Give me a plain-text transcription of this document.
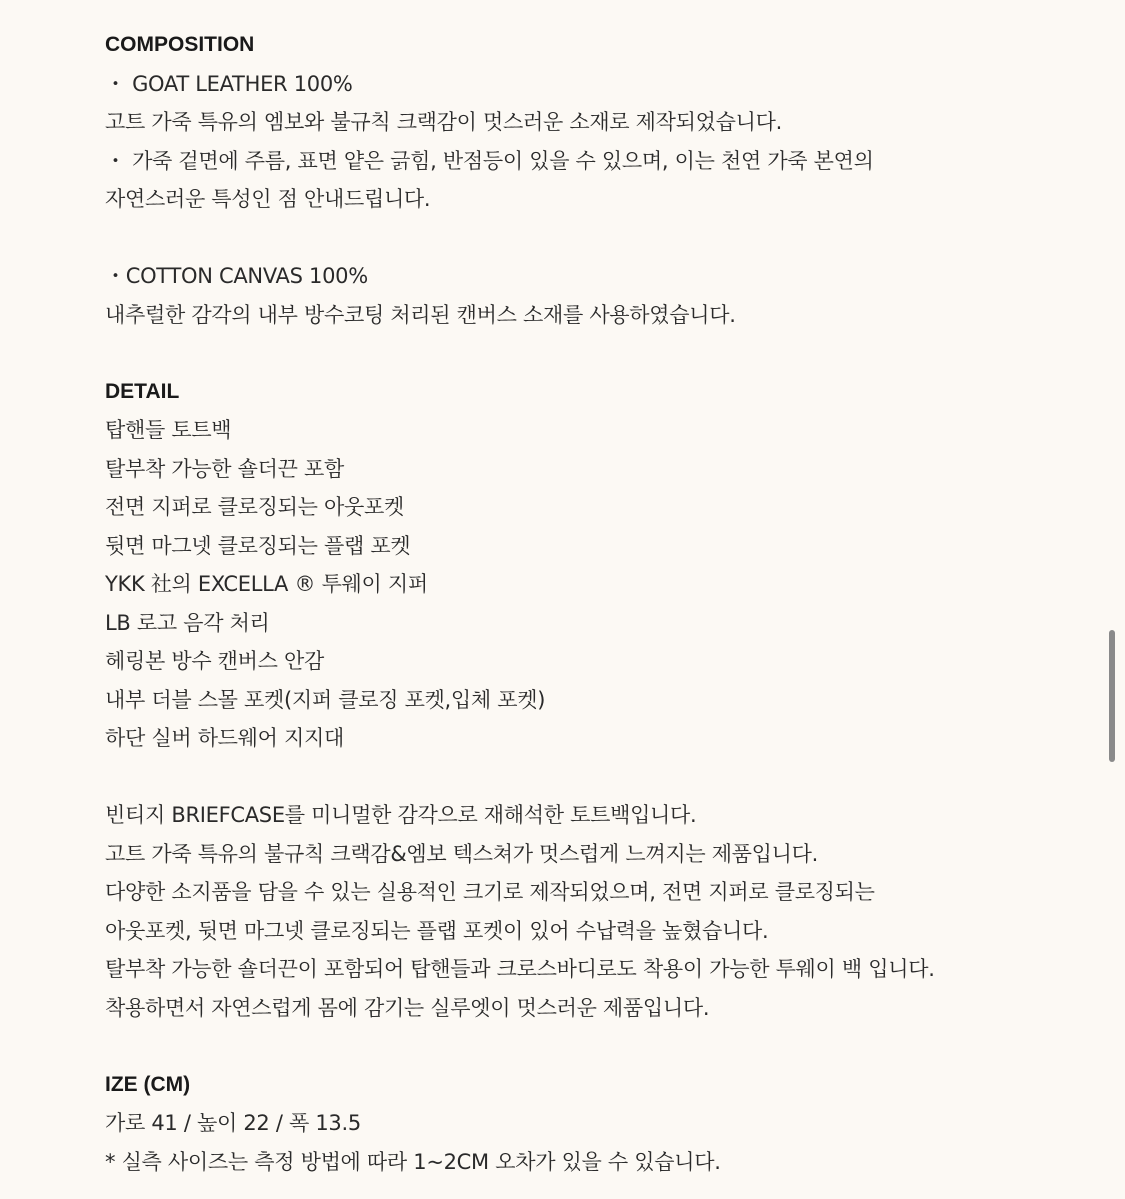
COMPOSITION
・ GOAT LEATHER 100%
고트 가죽 특유의 엠보와 불규칙 크랙감이 멋스러운 소재로 제작되었습니다.
・ 가죽 겉면에 주름, 표면 얕은 긁힘, 반점등이 있을 수 있으며, 이는 천연 가죽 본연의
자연스러운 특성인 점 안내드립니다.
・COTTON CANVAS 100%
내추럴한 감각의 내부 방수코팅 처리된 캔버스 소재를 사용하였습니다.
DETAIL
탑핸들 토트백
탈부착 가능한 숄더끈 포함
전면 지퍼로 클로징되는 아웃포켓
뒷면 마그넷 클로징되는 플랩 포켓
YKK 社의 EXCELLA ® 투웨이 지퍼
LB 로고 음각 처리
헤링본 방수 캔버스 안감
내부 더블 스몰 포켓(지퍼 클로징 포켓,입체 포켓)
하단 실버 하드웨어 지지대
빈티지 BRIEFCASE를 미니멀한 감각으로 재해석한 토트백입니다.
고트 가죽 특유의 불규칙 크랙감&엠보 텍스쳐가 멋스럽게 느껴지는 제품입니다.
다양한 소지품을 담을 수 있는 실용적인 크기로 제작되었으며, 전면 지퍼로 클로징되는
아웃포켓, 뒷면 마그넷 클로징되는 플랩 포켓이 있어 수납력을 높혔습니다.
탈부착 가능한 숄더끈이 포함되어 탑핸들과 크로스바디로도 착용이 가능한 투웨이 백 입니다.
착용하면서 자연스럽게 몸에 감기는 실루엣이 멋스러운 제품입니다.
IZE (CM)
가로 41 / 높이 22 / 폭 13.5
* 실측 사이즈는 측정 방법에 따라 1~2CM 오차가 있을 수 있습니다.
